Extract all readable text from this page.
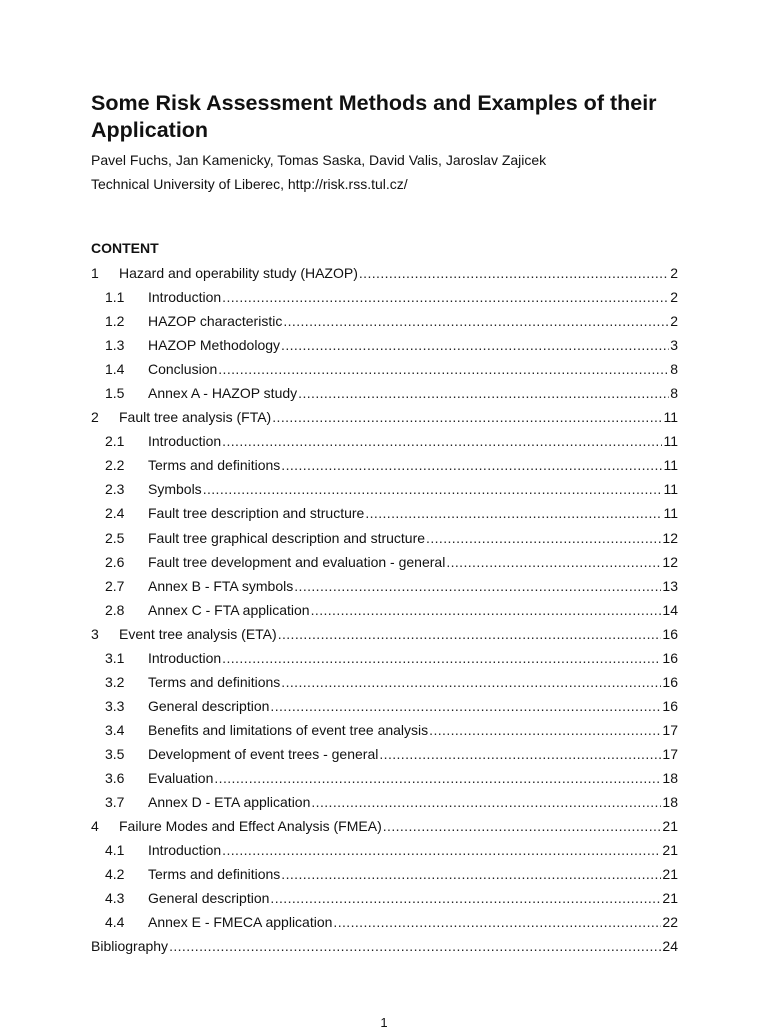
Some Risk Assessment Methods and Examples of their Application

Pavel Fuchs, Jan Kamenicky, Tomas Saska, David Valis, Jaroslav Zajicek

Technical University of Liberec, http://risk.rss.tul.cz/

CONTENT
1	Hazard and operability study (HAZOP) .....	2
1.1	Introduction .....	2
1.2	HAZOP characteristic .....	2
1.3	HAZOP Methodology .....	3
1.4	Conclusion .....	8
1.5	Annex A - HAZOP study .....	8
2	Fault tree analysis (FTA) .....	11
2.1	Introduction .....	11
2.2	Terms and definitions .....	11
2.3	Symbols .....	11
2.4	Fault tree description and structure .....	11
2.5	Fault tree graphical description and structure .....	12
2.6	Fault tree development and evaluation - general .....	12
2.7	Annex B - FTA symbols .....	13
2.8	Annex C - FTA application .....	14
3	Event tree analysis (ETA) .....	16
3.1	Introduction .....	16
3.2	Terms and definitions .....	16
3.3	General description .....	16
3.4	Benefits and limitations of event tree analysis .....	17
3.5	Development of event trees - general .....	17
3.6	Evaluation .....	18
3.7	Annex D - ETA application .....	18
4	Failure Modes and Effect Analysis (FMEA) .....	21
4.1	Introduction .....	21
4.2	Terms and definitions .....	21
4.3	General description .....	21
4.4	Annex E - FMECA application .....	22
Bibliography .....	24

1
